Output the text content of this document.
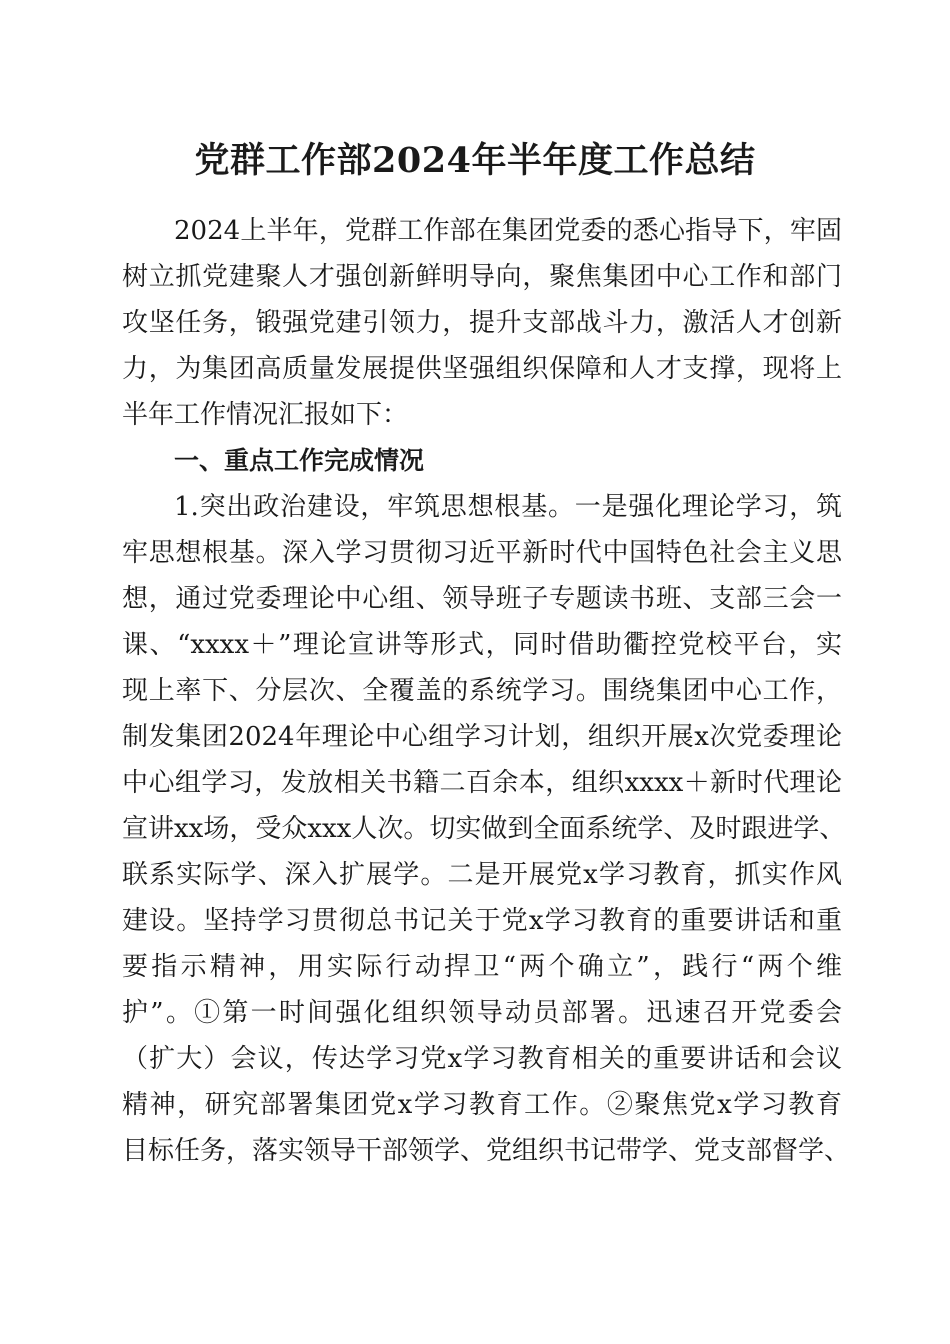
党群工作部2024年半年度工作总结
2024上半年，党群工作部在集团党委的悉心指导下，牢固
树立抓党建聚人才强创新鲜明导向，聚焦集团中心工作和部门
攻坚任务，锻强党建引领力，提升支部战斗力，激活人才创新
力，为集团高质量发展提供坚强组织保障和人才支撑，现将上
半年工作情况汇报如下：
一、重点工作完成情况
1.突出政治建设，牢筑思想根基。一是强化理论学习，筑
牢思想根基。深入学习贯彻习近平新时代中国特色社会主义思
想，通过党委理论中心组、领导班子专题读书班、支部三会一
课、“xxxx＋”理论宣讲等形式，同时借助衢控党校平台，实
现上率下、分层次、全覆盖的系统学习。围绕集团中心工作，
制发集团2024年理论中心组学习计划，组织开展x次党委理论
中心组学习，发放相关书籍二百余本，组织xxxx＋新时代理论
宣讲xx场，受众xxx人次。切实做到全面系统学、及时跟进学、
联系实际学、深入扩展学。二是开展党x学习教育，抓实作风
建设。坚持学习贯彻总书记关于党x学习教育的重要讲话和重
要指示精神，用实际行动捍卫“两个确立”，践行“两个维
护”。①第一时间强化组织领导动员部署。迅速召开党委会
（扩大）会议，传达学习党x学习教育相关的重要讲话和会议
精神，研究部署集团党x学习教育工作。②聚焦党x学习教育
目标任务，落实领导干部领学、党组织书记带学、党支部督学、
